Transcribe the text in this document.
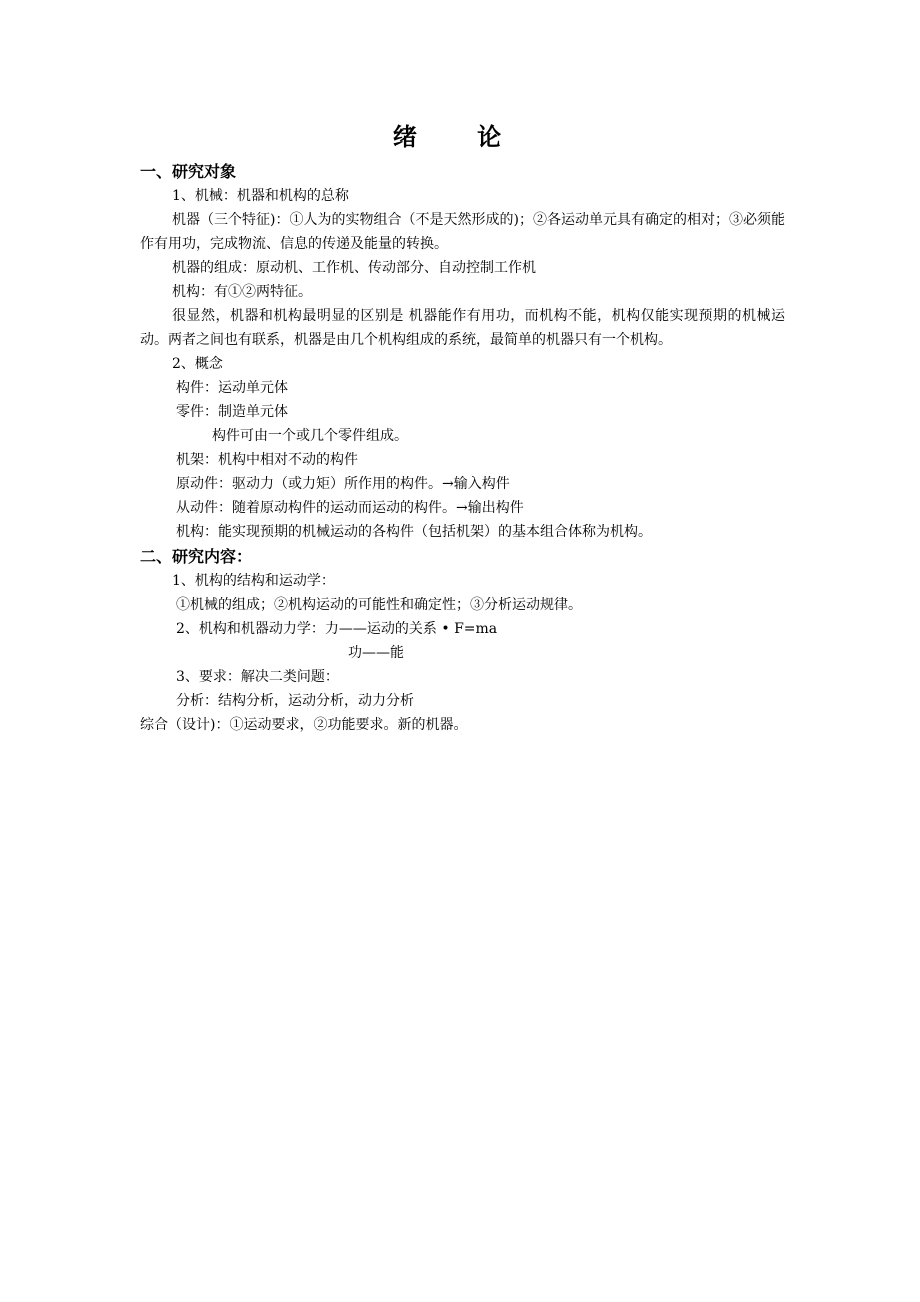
绪 论
一、研究对象

1、机械：机器和机构的总称

机器（三个特征)：①人为的实物组合（不是天然形成的)；②各运动单元具有确定的相对；③必须能作有用功，完成物流、信息的传递及能量的转换。

机器的组成：原动机、工作机、传动部分、自动控制工作机

机构：有①②两特征。

很显然，机器和机构最明显的区别是 机器能作有用功，而机构不能，机构仅能实现预期的机械运动。两者之间也有联系，机器是由几个机构组成的系统，最简单的机器只有一个机构。

2、概念

构件：运动单元体

零件：制造单元体

构件可由一个或几个零件组成。

机架：机构中相对不动的构件

原动件：驱动力（或力矩）所作用的构件。→输入构件

从动件：随着原动构件的运动而运动的构件。→输出构件

机构：能实现预期的机械运动的各构件（包括机架）的基本组合体称为机构。

二、研究内容：

1、机构的结构和运动学：

①机械的组成；②机构运动的可能性和确定性；③分析运动规律。

2、机构和机器动力学：力——运动的关系 • F=ma

功——能

3、要求：解决二类问题：

分析：结构分析，运动分析，动力分析

综合（设计)：①运动要求，②功能要求。新的机器。
